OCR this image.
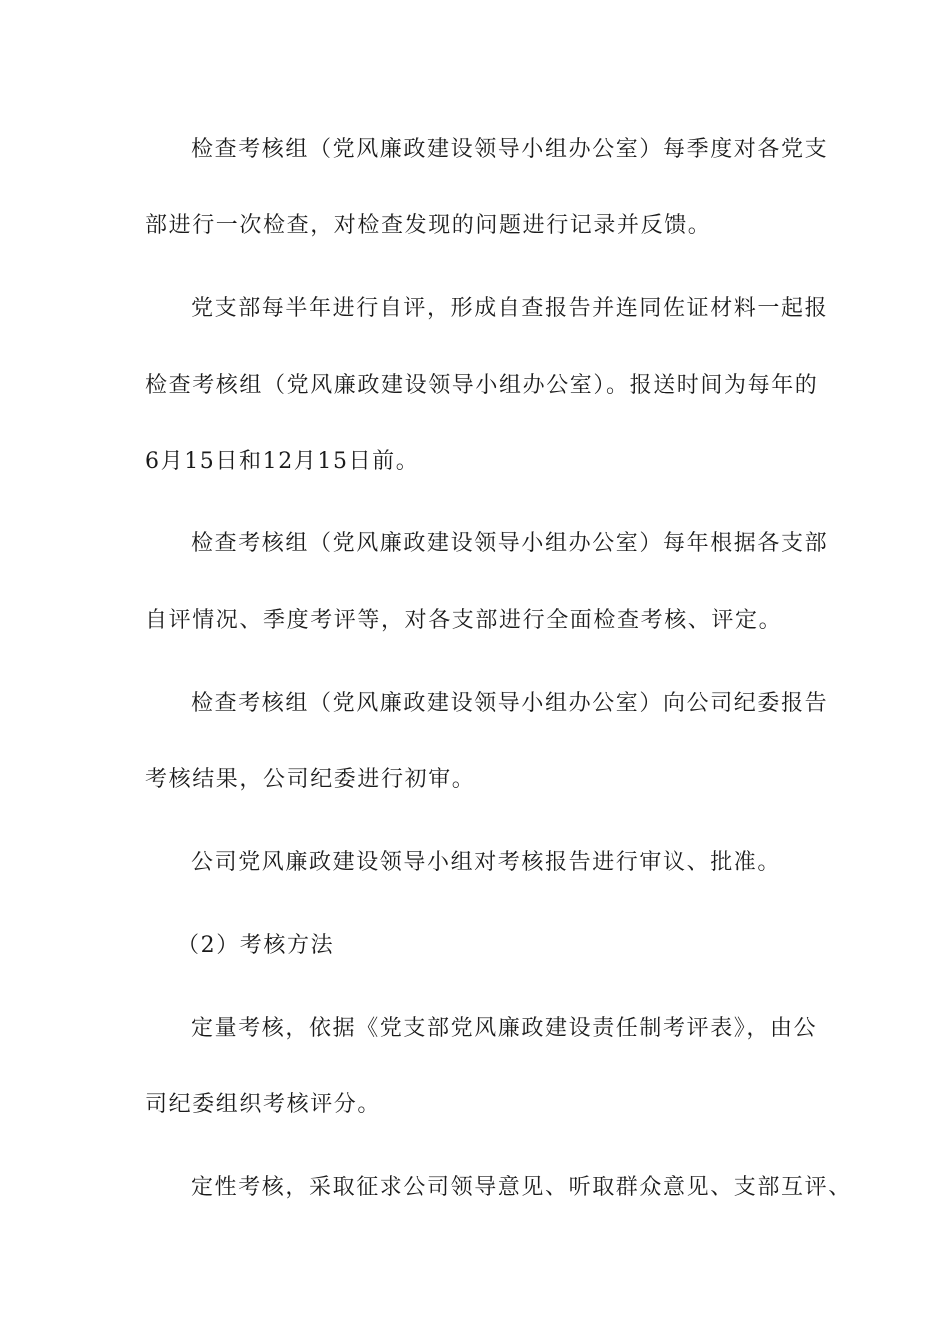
检查考核组（党风廉政建设领导小组办公室）每季度对各党支
部进行一次检查，对检查发现的问题进行记录并反馈。
党支部每半年进行自评，形成自查报告并连同佐证材料一起报
检查考核组（党风廉政建设领导小组办公室）。报送时间为每年的
6月15日和12月15日前。
检查考核组（党风廉政建设领导小组办公室）每年根据各支部
自评情况、季度考评等，对各支部进行全面检查考核、评定。
检查考核组（党风廉政建设领导小组办公室）向公司纪委报告
考核结果，公司纪委进行初审。
公司党风廉政建设领导小组对考核报告进行审议、批准。
（2）考核方法
定量考核，依据《党支部党风廉政建设责任制考评表》，由公
司纪委组织考核评分。
定性考核，采取征求公司领导意见、听取群众意见、支部互评、
